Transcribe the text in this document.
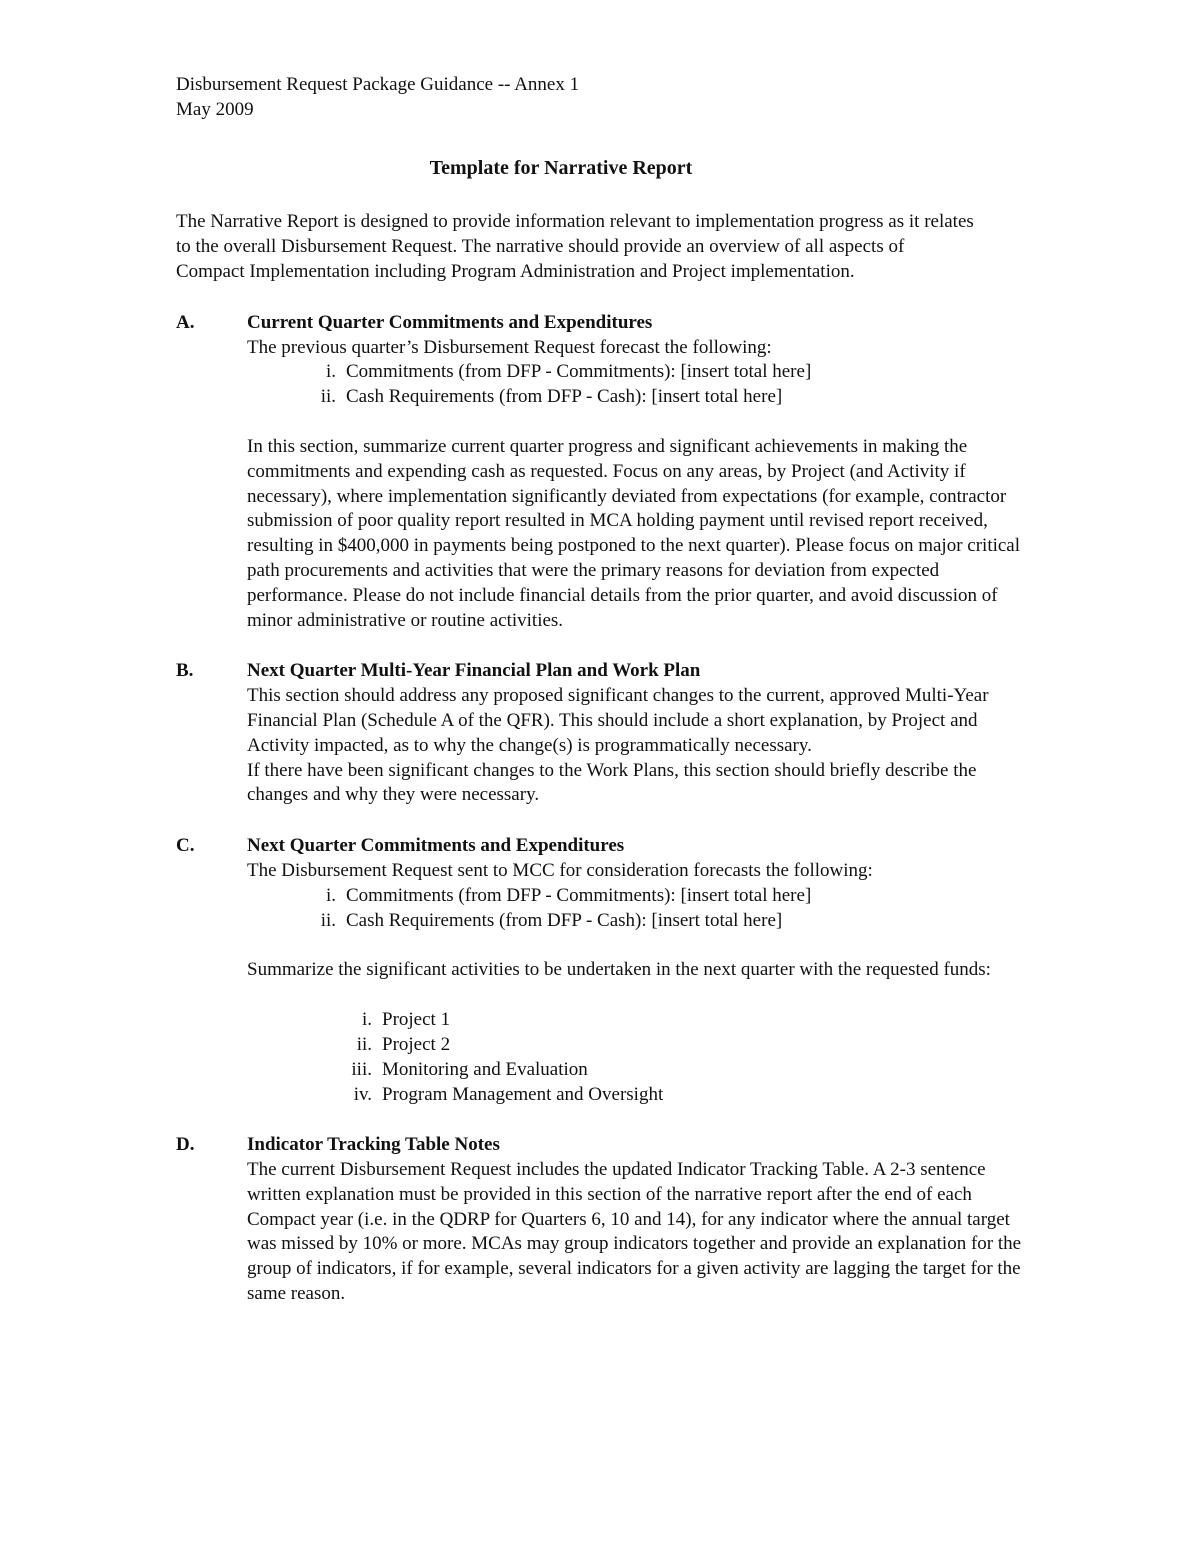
Disbursement Request Package Guidance -- Annex 1

May 2009

Template for Narrative Report

The Narrative Report is designed to provide information relevant to implementation progress as it relates to the overall Disbursement Request. The narrative should provide an overview of all aspects of Compact Implementation including Program Administration and Project implementation.

A.	Current Quarter Commitments and Expenditures

The previous quarter’s Disbursement Request forecast the following:

i. Commitments (from DFP - Commitments): [insert total here]
ii. Cash Requirements (from DFP - Cash): [insert total here]

In this section, summarize current quarter progress and significant achievements in making the commitments and expending cash as requested. Focus on any areas, by Project (and Activity if necessary), where implementation significantly deviated from expectations (for example, contractor submission of poor quality report resulted in MCA holding payment until revised report received, resulting in $400,000 in payments being postponed to the next quarter). Please focus on major critical path procurements and activities that were the primary reasons for deviation from expected performance. Please do not include financial details from the prior quarter, and avoid discussion of minor administrative or routine activities.

B.	Next Quarter Multi-Year Financial Plan and Work Plan

This section should address any proposed significant changes to the current, approved Multi-Year Financial Plan (Schedule A of the QFR). This should include a short explanation, by Project and Activity impacted, as to why the change(s) is programmatically necessary.

If there have been significant changes to the Work Plans, this section should briefly describe the changes and why they were necessary.

C.	Next Quarter Commitments and Expenditures

The Disbursement Request sent to MCC for consideration forecasts the following:

i. Commitments (from DFP - Commitments): [insert total here]
ii. Cash Requirements (from DFP - Cash): [insert total here]

Summarize the significant activities to be undertaken in the next quarter with the requested funds:

i. Project 1
ii. Project 2
iii. Monitoring and Evaluation
iv. Program Management and Oversight
D.	Indicator Tracking Table Notes

The current Disbursement Request includes the updated Indicator Tracking Table. A 2-3 sentence written explanation must be provided in this section of the narrative report after the end of each Compact year (i.e. in the QDRP for Quarters 6, 10 and 14), for any indicator where the annual target was missed by 10% or more. MCAs may group indicators together and provide an explanation for the group of indicators, if for example, several indicators for a given activity are lagging the target for the same reason.
